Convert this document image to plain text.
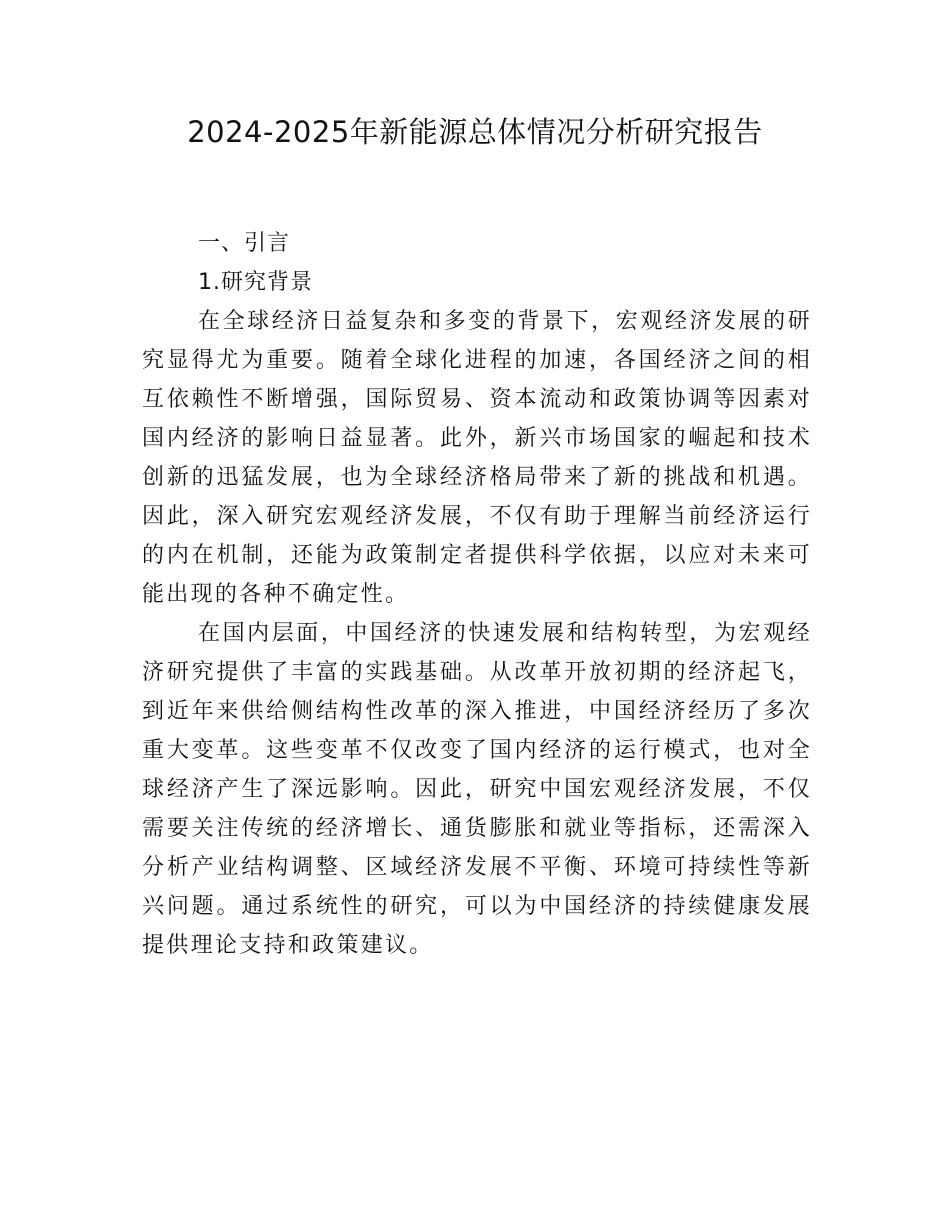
2024-2025年新能源总体情况分析研究报告
一、引言
1.研究背景

在全球经济日益复杂和多变的背景下，宏观经济发展的研究显得尤为重要。随着全球化进程的加速，各国经济之间的相互依赖性不断增强，国际贸易、资本流动和政策协调等因素对国内经济的影响日益显著。此外，新兴市场国家的崛起和技术创新的迅猛发展，也为全球经济格局带来了新的挑战和机遇。因此，深入研究宏观经济发展，不仅有助于理解当前经济运行的内在机制，还能为政策制定者提供科学依据，以应对未来可能出现的各种不确定性。

在国内层面，中国经济的快速发展和结构转型，为宏观经济研究提供了丰富的实践基础。从改革开放初期的经济起飞，到近年来供给侧结构性改革的深入推进，中国经济经历了多次重大变革。这些变革不仅改变了国内经济的运行模式，也对全球经济产生了深远影响。因此，研究中国宏观经济发展，不仅需要关注传统的经济增长、通货膨胀和就业等指标，还需深入分析产业结构调整、区域经济发展不平衡、环境可持续性等新兴问题。通过系统性的研究，可以为中国经济的持续健康发展提供理论支持和政策建议。
